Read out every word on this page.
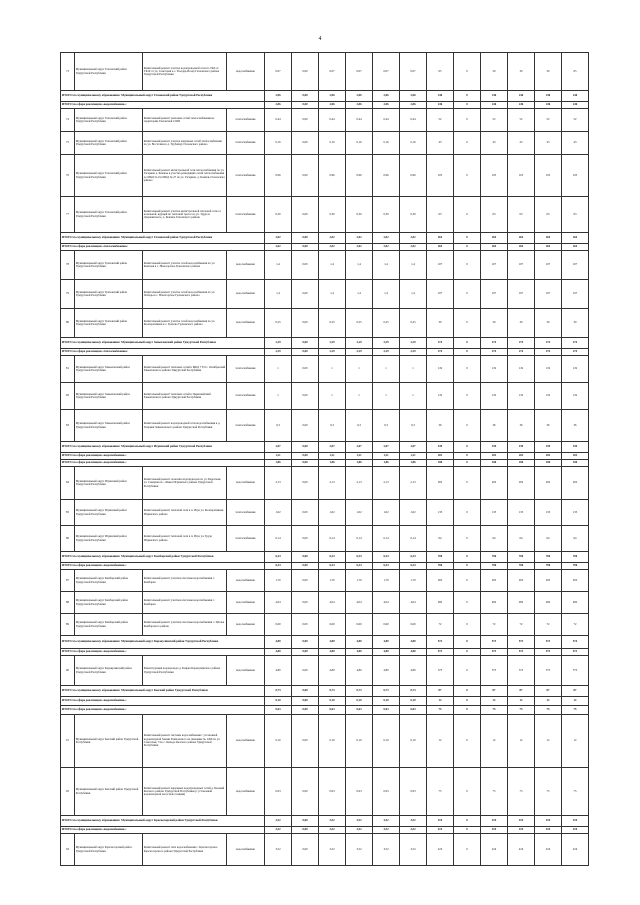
4
73	Муниципальный округ Глазовский район Удмуртской Республики	Капитальный ремонт участка водопроводной сети по ТКЗ от ТК10 от ул. Советская в с. Тюлдар-Исаар Глазовского района Удмуртской Республики	водоснабжение	0,07	0,00	0,07	0,07	0,07	0,07	65	0	30	30	30	65
ИТОГО по муниципальному образованию: Муниципальный округ Глазовский район Удмуртской Республики				2,06	0,00	2,06	2,06	2,06	2,06	246	0	246	246	246	246
ИТОГО по сфере реализации «водоснабжение»:				2,06	0,00	2,06	2,06	2,06	2,06	246	0	246	246	246	246
74	Муниципальный округ Глазовский район Удмуртской Республики	Капитальный ремонт тепловых сетей теплоснабжения на территории Глазовской СОШ	теплоснабжение	0,44	0,00	0,44	0,44	0,44	0,44	52	0	52	52	52	52
75	Муниципальный округ Глазовский район Удмуртской Республики	Капитальный ремонт участка наружных сетей теплоснабжения по ул. Восточная в д. Трубашур Глазовского района	теплоснабжение	0,16	0,00	0,16	0,16	0,16	0,16	43	0	43	43	43	43
76	Муниципальный округ Глазовский район Удмуртской Республики	Капитальный ремонт магистральной сети теплоснабжения по ул. Гагарина д. Кожиль и участка разводящих сетей теплоснабжения до МКД № 9 и МКД № 27 по ул. Гагарина, д. Кожиль Глазовского района	теплоснабжение	0,96	0,00	0,96	0,96	0,96	0,96	105	0	105	105	105	105
77	Муниципальный округ Глазовский район Удмуртской Республики	Капитальный ремонт участка магистральной тепловой сети от котельной, идущей по тепловой трассе по ул. Труда и Дзержинского, д. Кожиль Глазовского района	теплоснабжение	0,30	0,00	0,30	0,30	0,30	0,30	63	0	63	63	63	63
ИТОГО по муниципальному образованию: Муниципальный округ Глазовский район Удмуртской Республики				2,02	0,00	2,02	2,02	2,02	2,02	264	0	264	264	264	264
ИТОГО по сфере реализации «теплоснабжение»:				2,02	0,00	2,02	2,02	2,02	2,02	264	0	264	264	264	264
78	Муниципальный округ Граховский район Удмуртской Республики	Капитальный ремонт участка сетей водоснабжения по ул. Камская в с. Новогорское Граховского района	водоснабжение	1,4	0,00	1,4	1,4	1,4	1,4	107	0	107	107	107	107
79	Муниципальный округ Граховский район Удмуртской Республики	Капитальный ремонт участка сетей водоснабжения по ул. Победы в с. Новогорское Граховского района	водоснабжение	1,4	0,00	1,4	1,4	1,4	1,4	107	0	107	107	107	107
80	Муниципальный округ Граховский район Удмуртской Республики	Капитальный ремонт участка сетей водоснабжения по ул. Кооперативная в с. Грахово Граховского района	водоснабжение	0,25	0,00	0,25	0,25	0,25	0,25	30	0	30	30	30	30
ИТОГО по муниципальному образованию: Муниципальный округ Завьяловский район Удмуртской Республики				2,29	0,00	2,29	2,29	2,29	2,29	274	0	274	274	274	274
ИТОГО по сфере реализации «теплоснабжение»:				2,29	0,00	2,29	2,29	2,29	2,29	274	0	274	274	274	274
81	Муниципальный округ Завьяловский район Удмуртской Республики	Капитальный ремонт тепловых сетей к МКД 7 8 9 с. Октябрьский Завьяловского района Удмуртской Республики	теплоснабжение	1	0,00	1	1	1	1	119	0	119	119	119	119
82	Муниципальный округ Завьяловский район Удмуртской Республики	Капитальный ремонт тепловых сетей в Первомайский Завьяловского района Удмуртской Республики	теплоснабжение	1	0,00	1	1	1	1	119	0	119	119	119	119
83	Муниципальный округ Завьяловский район Удмуртской Республики	Капитальный ремонт водопроводной сети водоснабжения в д. Хохряки Завьяловского района Удмуртской Республики	теплоснабжение	0,3	0,00	0,3	0,3	0,3	0,3	36	0	36	36	36	36
ИТОГО по муниципальному образованию: Муниципальный округ Игринский район Удмуртской Республики				2,07	0,00	2,07	2,07	2,07	2,07	439	0	439	439	439	439
ИТОГО по сфере реализации «водоснабжение»:				1,21	0,00	1,21	1,21	1,21	1,21	202	0	202	202	202	202
ИТОГО по сфере реализации «водоснабжение»:				1,86	0,00	1,86	1,86	1,86	1,86	186	0	186	186	186	186
84	Муниципальный округ Игринский район Удмуртской Республики	Капитальный ремонт сельских водопроводов по ул. Береговая, ул. Северная и с. Факел Игринского района Удмуртской Республики	водоснабжение	2,13	0,00	2,13	2,13	2,13	2,13	202	0	202	202	202	202
85	Муниципальный округ Игринский район Удмуртской Республики	Капитальный ремонт тепловой сети в п. Игра ул. Кооперативная Игринского района	теплоснабжение	1,02	0,00	1,02	1,02	1,02	1,02	133	0	133	133	133	133
86	Муниципальный округ Игринский район Удмуртской Республики	Капитальный ремонт тепловой сети в п. Игра ул. Труда Игринского района	теплоснабжение	0,14	0,00	0,14	0,14	0,14	0,14	64	0	64	64	64	64
ИТОГО по муниципальному образованию: Муниципальный округ Камбарский район Удмуртской Республики				6,34	0,00	6,34	6,34	6,34	6,34	706	0	706	706	706	706
ИТОГО по сфере реализации «водоснабжение»:				6,34	0,00	6,34	6,34	6,34	6,34	706	0	706	706	706	706
87	Муниципальный округ Камбарский район Удмуртской Республики	Капитальный ремонт участков системы водоснабжения г. Камбарка	водоснабжение	1,70	0,00	1,70	1,70	1,70	1,70	203	0	203	203	203	203
88	Муниципальный округ Камбарский район Удмуртской Республики	Капитальный ремонт участков системы водоснабжения г. Камбарка	водоснабжение	4,04	0,00	4,04	4,04	4,04	4,04	482	0	482	482	482	482
89	Муниципальный округ Камбарский район Удмуртской Республики	Капитальный ремонт участков системы водоснабжения с. Шолья Камбарского района	водоснабжение	0,60	0,00	0,60	0,60	0,60	0,60	72	0	72	72	72	72
ИТОГО по муниципальному образованию: Муниципальный округ Каракулинский район Удмуртской Республики				4,80	0,00	4,80	4,80	4,80	4,80	573	0	573	573	573	574
ИТОГО по сфере реализации «водоснабжение»:				4,80	0,00	4,80	4,80	4,80	4,80	573	0	573	573	573	573
90	Муниципальный округ Каракулинский район Удмуртской Республики	Реконструкция водопровода д. Боярка Каракулинского района Удмуртской Республики	водоснабжение	4,80	0,00	4,80	4,80	4,80	4,80	573	0	573	573	573	573
ИТОГО по муниципальному образованию: Муниципальный округ Кезский район Удмуртской Республики				0,73	0,00	0,73	0,73	0,73	0,73	87	0	87	87	87	87
ИТОГО по сфере реализации «водоснабжение»:				0,10	0,00	0,10	0,10	0,10	0,10	12	0	12	12	12	12
ИТОГО по сфере реализации «водоснабжение»:				0,63	0,00	0,63	0,63	0,63	0,63	75	0	75	75	75	75
91	Муниципальный округ Кезский район Удмуртской Республики	Капитальный ремонт системы водоснабжения с установкой водонапорной башни Рожновского на скважине № 1266 по ул. Советская, 74 в с. Кильдо Кезского района Удмуртской Республики	водоснабжение	0,10	0,00	0,10	0,10	0,10	0,10	12	0	12	12	12	12
92	Муниципальный округ Кезский район Удмуртской Республики	Капитальный ремонт наружных водопроводных сетей д. Кельвай Кезского района Удмуртской Республики (с установкой водонапорной насосной станции)	водоснабжение	0,63	0,00	0,63	0,63	0,63	0,63	75	0	75	75	75	75
ИТОГО по муниципальному образованию: Муниципальный округ Красногорский район Удмуртской Республики				3,52	0,00	3,52	3,52	3,52	3,52	419	0	419	419	419	419
ИТОГО по сфере реализации «водоснабжение»:				3,52	0,00	3,52	3,52	3,52	3,52	419	0	419	419	419	419
93	Муниципальный округ Красногорский район Удмуртской Республики	Капитальный ремонт сети водоснабжения с. Красногорское Красногорского района Удмуртской Республики	водоснабжение	3,52	0,00	3,52	3,52	3,52	3,52	419	0	419	419	419	419
